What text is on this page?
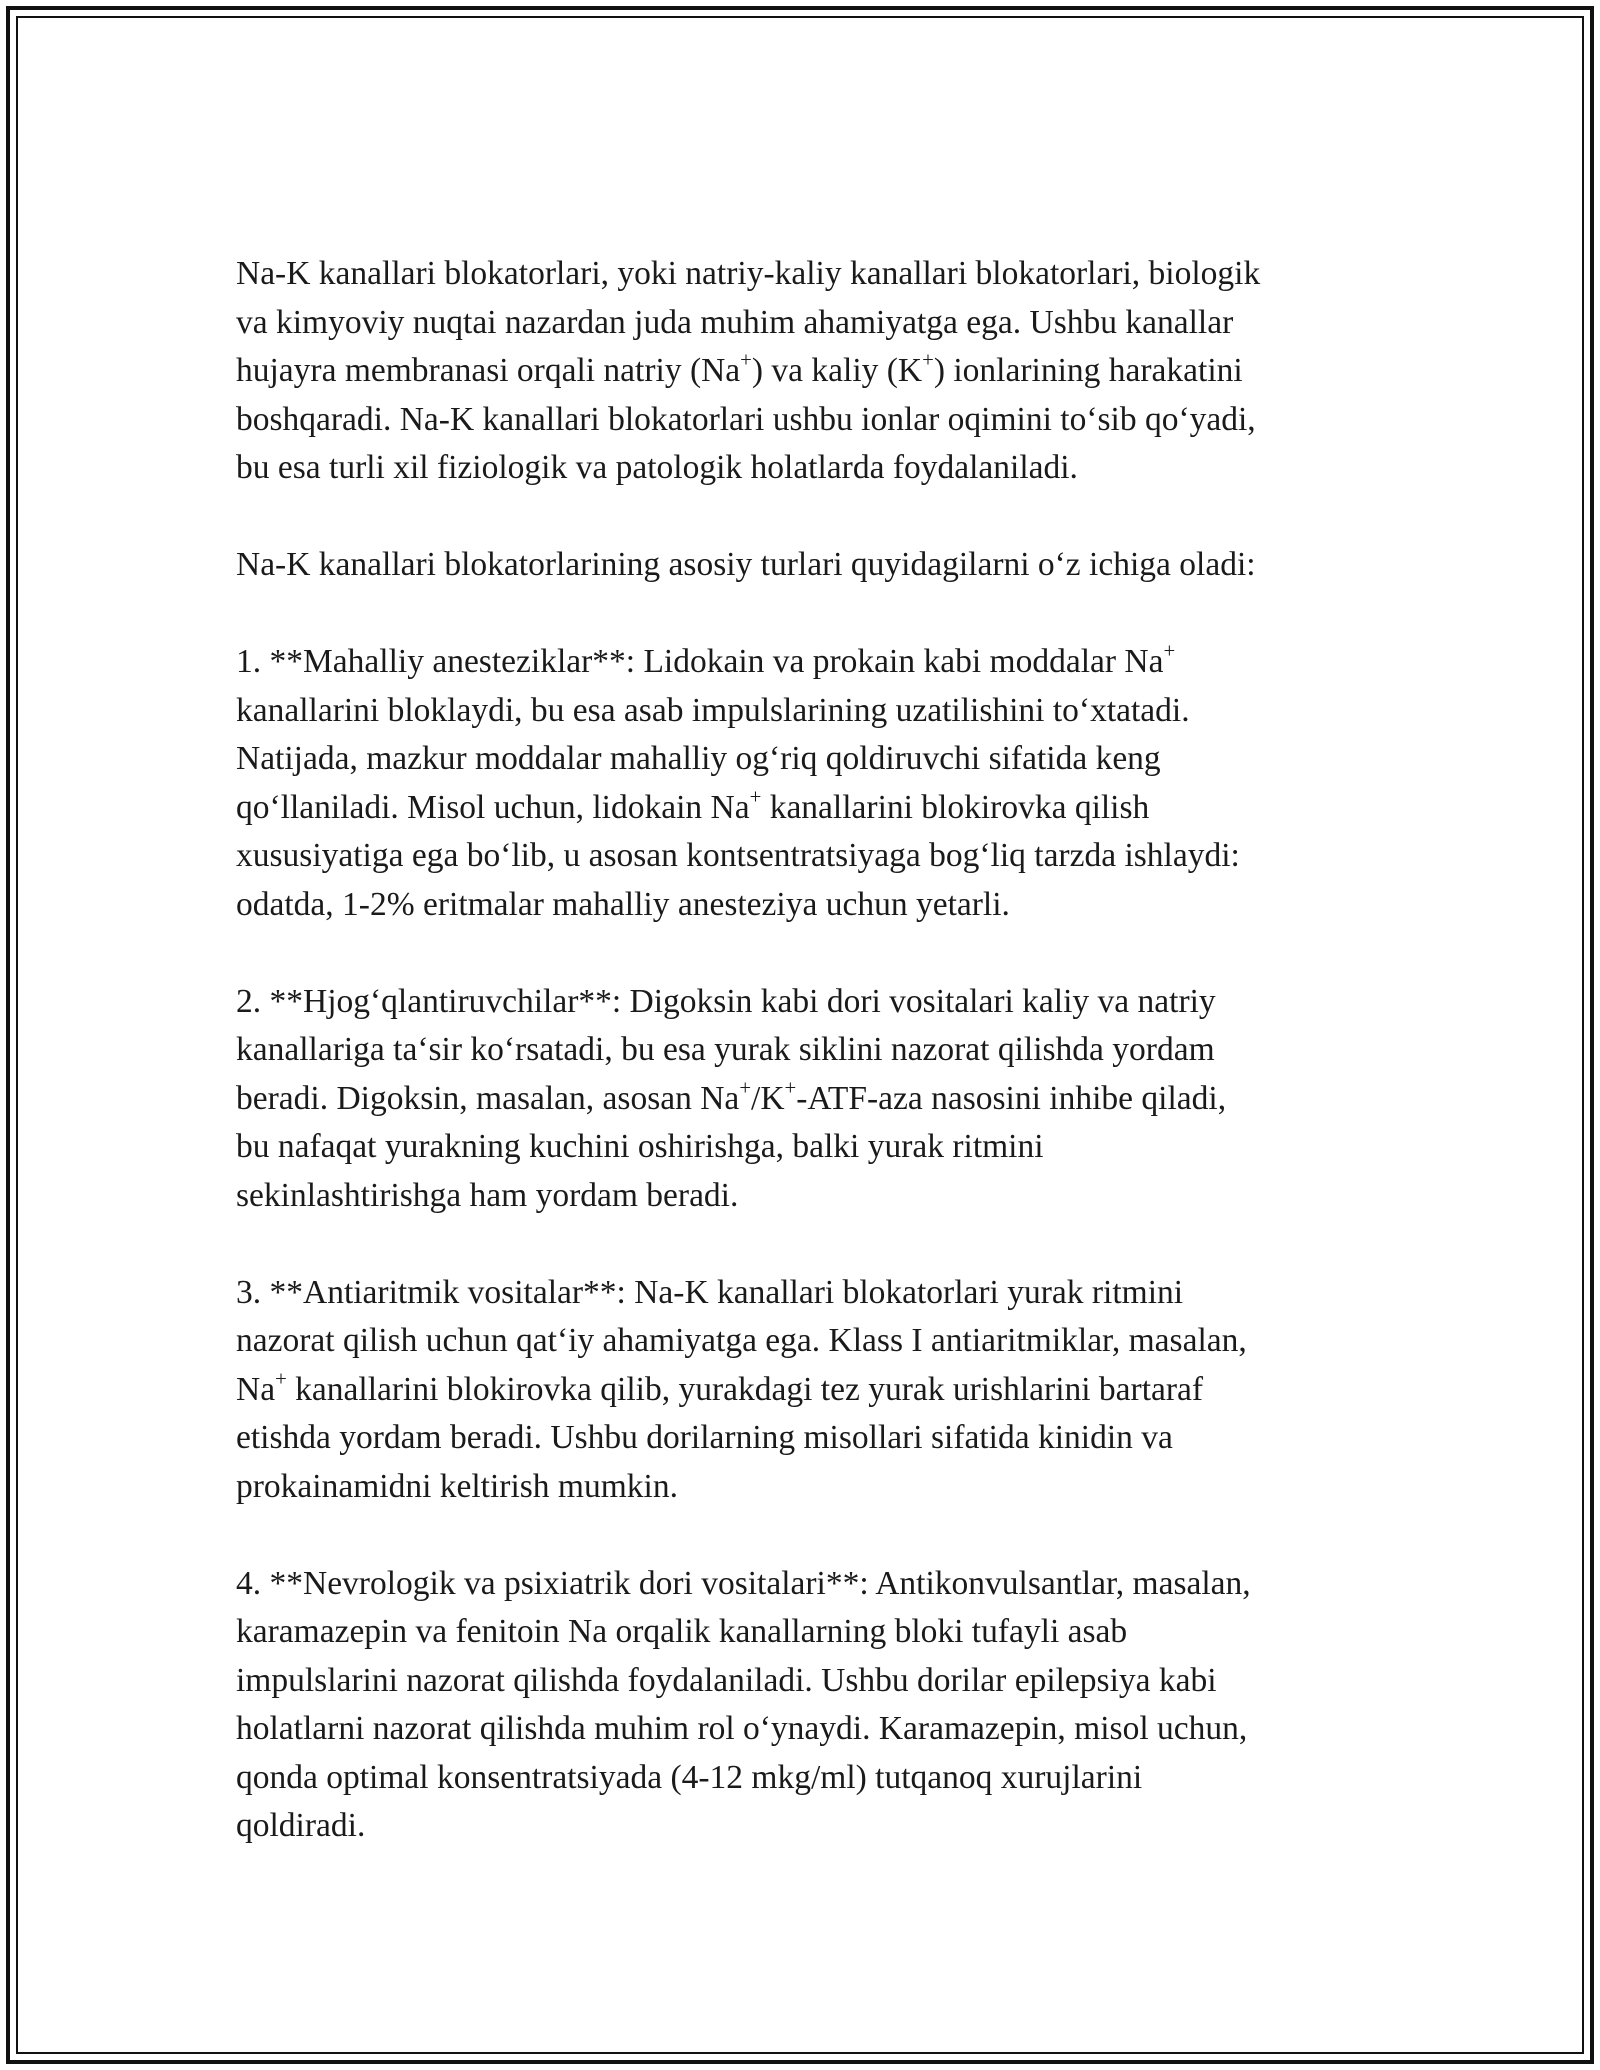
Na-K kanallari blokatorlari, yoki natriy-kaliy kanallari blokatorlari, biologik
va kimyoviy nuqtai nazardan juda muhim ahamiyatga ega. Ushbu kanallar
hujayra membranasi orqali natriy (Na+) va kaliy (K+) ionlarining harakatini
boshqaradi. Na-K kanallari blokatorlari ushbu ionlar oqimini to‘sib qo‘yadi,
bu esa turli xil fiziologik va patologik holatlarda foydalaniladi.
Na-K kanallari blokatorlarining asosiy turlari quyidagilarni o‘z ichiga oladi:
1. **Mahalliy anesteziklar**: Lidokain va prokain kabi moddalar Na+
kanallarini bloklaydi, bu esa asab impulslarining uzatilishini to‘xtatadi.
Natijada, mazkur moddalar mahalliy og‘riq qoldiruvchi sifatida keng
qo‘llaniladi. Misol uchun, lidokain Na+ kanallarini blokirovka qilish
xususiyatiga ega bo‘lib, u asosan kontsentratsiyaga bog‘liq tarzda ishlaydi:
odatda, 1-2% eritmalar mahalliy anesteziya uchun yetarli.
2. **Hjog‘qlantiruvchilar**: Digoksin kabi dori vositalari kaliy va natriy
kanallariga ta‘sir ko‘rsatadi, bu esa yurak siklini nazorat qilishda yordam
beradi. Digoksin, masalan, asosan Na+/K+-ATF-aza nasosini inhibe qiladi,
bu nafaqat yurakning kuchini oshirishga, balki yurak ritmini
sekinlashtirishga ham yordam beradi.
3. **Antiaritmik vositalar**: Na-K kanallari blokatorlari yurak ritmini
nazorat qilish uchun qat‘iy ahamiyatga ega. Klass I antiaritmiklar, masalan,
Na+ kanallarini blokirovka qilib, yurakdagi tez yurak urishlarini bartaraf
etishda yordam beradi. Ushbu dorilarning misollari sifatida kinidin va
prokainamidni keltirish mumkin.
4. **Nevrologik va psixiatrik dori vositalari**: Antikonvulsantlar, masalan,
karamazepin va fenitoin Na orqalik kanallarning bloki tufayli asab
impulslarini nazorat qilishda foydalaniladi. Ushbu dorilar epilepsiya kabi
holatlarni nazorat qilishda muhim rol o‘ynaydi. Karamazepin, misol uchun,
qonda optimal konsentratsiyada (4-12 mkg/ml) tutqanoq xurujlarini
qoldiradi.
